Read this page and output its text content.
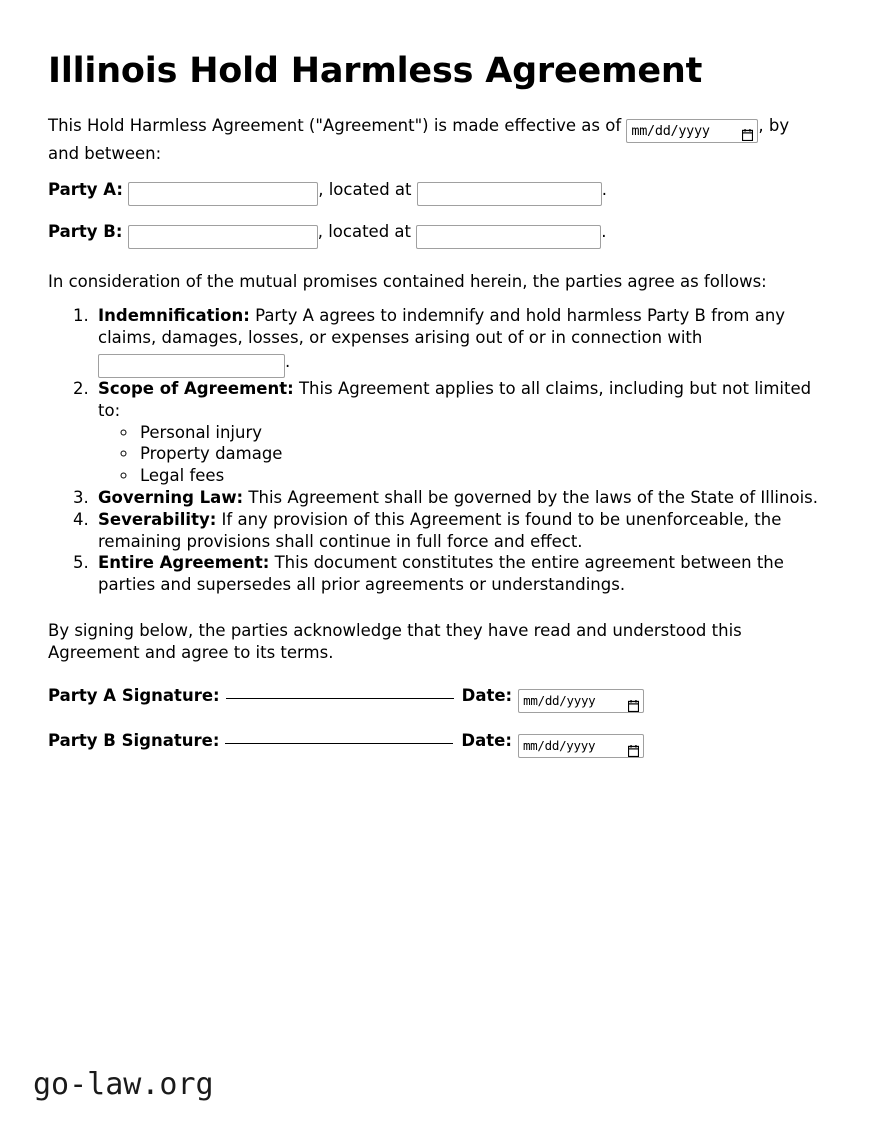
Illinois Hold Harmless Agreement

This Hold Harmless Agreement ("Agreement") is made effective as of mm/dd/yyyy	, by and between:

Party A:	, located at	.
Party B:	, located at	.

In consideration of the mutual promises contained herein, the parties agree as follows:

1. Indemnification: Party A agrees to indemnify and hold harmless Party B from any claims, damages, losses, or expenses arising out of or in connection with
.
2. Scope of Agreement: This Agreement applies to all claims, including but not limited to:
◦ Personal injury
◦ Property damage
◦ Legal fees
3. Governing Law: This Agreement shall be governed by the laws of the State of Illinois.
4. Severability: If any provision of this Agreement is found to be unenforceable, the remaining provisions shall continue in full force and effect.
5. Entire Agreement: This document constitutes the entire agreement between the parties and supersedes all prior agreements or understandings.

By signing below, the parties acknowledge that they have read and understood this Agreement and agree to its terms.

Party A Signature:	Date: mm/dd/yyyy
Party B Signature:	Date: mm/dd/yyyy
go-law.org
